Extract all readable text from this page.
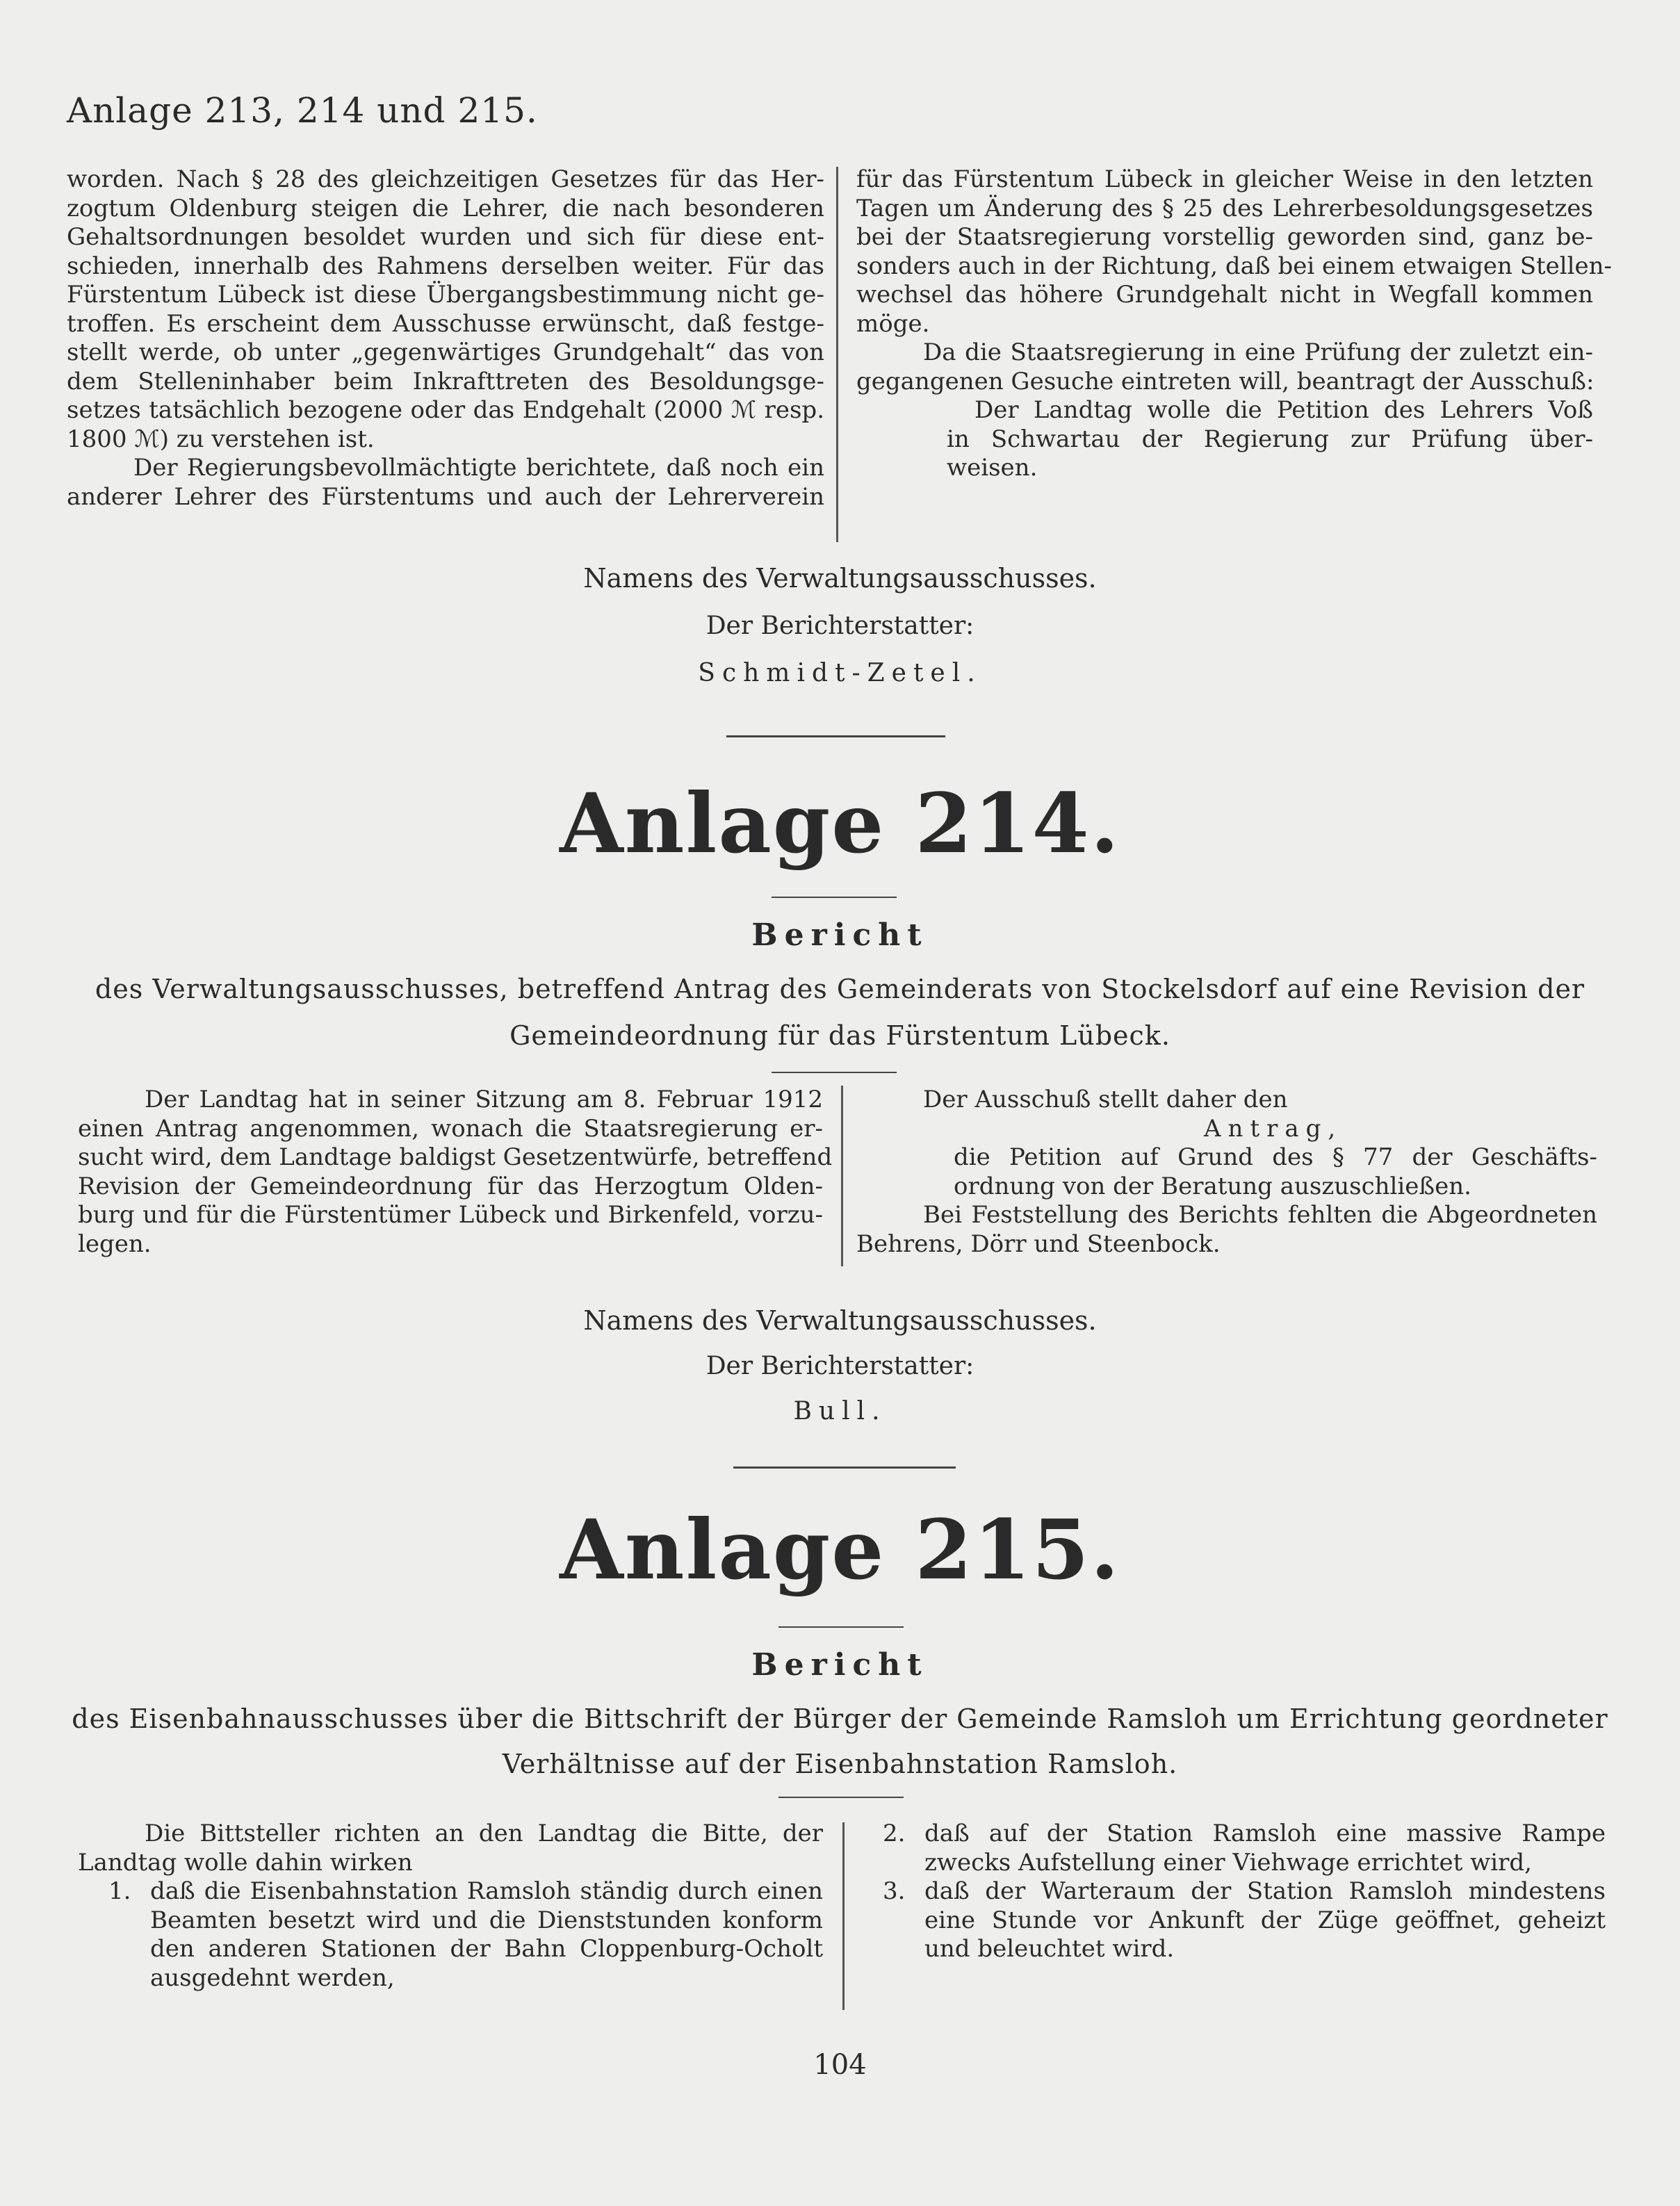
Anlage 213, 214 und 215.
worden. Nach § 28 des gleichzeitigen Gesetzes für das Her-
zogtum Oldenburg steigen die Lehrer, die nach besonderen
Gehaltsordnungen besoldet wurden und sich für diese ent-
schieden, innerhalb des Rahmens derselben weiter. Für das
Fürstentum Lübeck ist diese Übergangsbestimmung nicht ge-
troffen. Es erscheint dem Ausschusse erwünscht, daß festge-
stellt werde, ob unter „gegenwärtiges Grundgehalt“ das von
dem Stelleninhaber beim Inkrafttreten des Besoldungsge-
setzes tatsächlich bezogene oder das Endgehalt (2000 ℳ resp.
1800 ℳ) zu verstehen ist.
Der Regierungsbevollmächtigte berichtete, daß noch ein
anderer Lehrer des Fürstentums und auch der Lehrerverein
für das Fürstentum Lübeck in gleicher Weise in den letzten
Tagen um Änderung des § 25 des Lehrerbesoldungsgesetzes
bei der Staatsregierung vorstellig geworden sind, ganz be-
sonders auch in der Richtung, daß bei einem etwaigen Stellen-
wechsel das höhere Grundgehalt nicht in Wegfall kommen
möge.
Da die Staatsregierung in eine Prüfung der zuletzt ein-
gegangenen Gesuche eintreten will, beantragt der Ausschuß:
Der Landtag wolle die Petition des Lehrers Voß
in Schwartau der Regierung zur Prüfung über-
weisen.
Namens des Verwaltungsausschusses.
Der Berichterstatter:
Schmidt-Zetel.
Anlage 214.
Bericht
des Verwaltungsausschusses, betreffend Antrag des Gemeinderats von Stockelsdorf auf eine Revision der
Gemeindeordnung für das Fürstentum Lübeck.
Der Landtag hat in seiner Sitzung am 8. Februar 1912
einen Antrag angenommen, wonach die Staatsregierung er-
sucht wird, dem Landtage baldigst Gesetzentwürfe, betreffend
Revision der Gemeindeordnung für das Herzogtum Olden-
burg und für die Fürstentümer Lübeck und Birkenfeld, vorzu-
legen.
Der Ausschuß stellt daher den
Antrag,
die Petition auf Grund des § 77 der Geschäfts-
ordnung von der Beratung auszuschließen.
Bei Feststellung des Berichts fehlten die Abgeordneten
Behrens, Dörr und Steenbock.
Namens des Verwaltungsausschusses.
Der Berichterstatter:
Bull.
Anlage 215.
Bericht
des Eisenbahnausschusses über die Bittschrift der Bürger der Gemeinde Ramsloh um Errichtung geordneter
Verhältnisse auf der Eisenbahnstation Ramsloh.
Die Bittsteller richten an den Landtag die Bitte, der
Landtag wolle dahin wirken
1. daß die Eisenbahnstation Ramsloh ständig durch einen
Beamten besetzt wird und die Dienststunden konform
den anderen Stationen der Bahn Cloppenburg-Ocholt
ausgedehnt werden,
2. daß auf der Station Ramsloh eine massive Rampe
zwecks Aufstellung einer Viehwage errichtet wird,
3. daß der Warteraum der Station Ramsloh mindestens
eine Stunde vor Ankunft der Züge geöffnet, geheizt
und beleuchtet wird.
104
